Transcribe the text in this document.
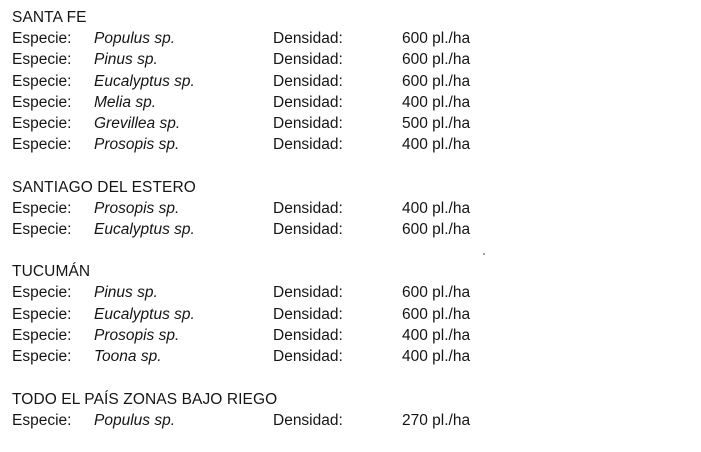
SANTA FE
Especie: Populus sp.	Densidad:	600 pl./ha
Especie: Pinus sp.	Densidad:	600 pl./ha
Especie: Eucalyptus sp.	Densidad:	600 pl./ha
Especie: Melia sp.	Densidad:	400 pl./ha
Especie: Grevillea sp.	Densidad:	500 pl./ha
Especie: Prosopis sp.	Densidad:	400 pl./ha
SANTIAGO DEL ESTERO
Especie: Prosopis sp.	Densidad:	400 pl./ha
Especie: Eucalyptus sp.	Densidad:	600 pl./ha
TUCUMÁN
Especie: Pinus sp.	Densidad:	600 pl./ha
Especie: Eucalyptus sp.	Densidad:	600 pl./ha
Especie: Prosopis sp.	Densidad:	400 pl./ha
Especie: Toona sp.	Densidad:	400 pl./ha
TODO EL PAÍS ZONAS BAJO RIEGO
Especie: Populus sp.	Densidad:	270 pl./ha
